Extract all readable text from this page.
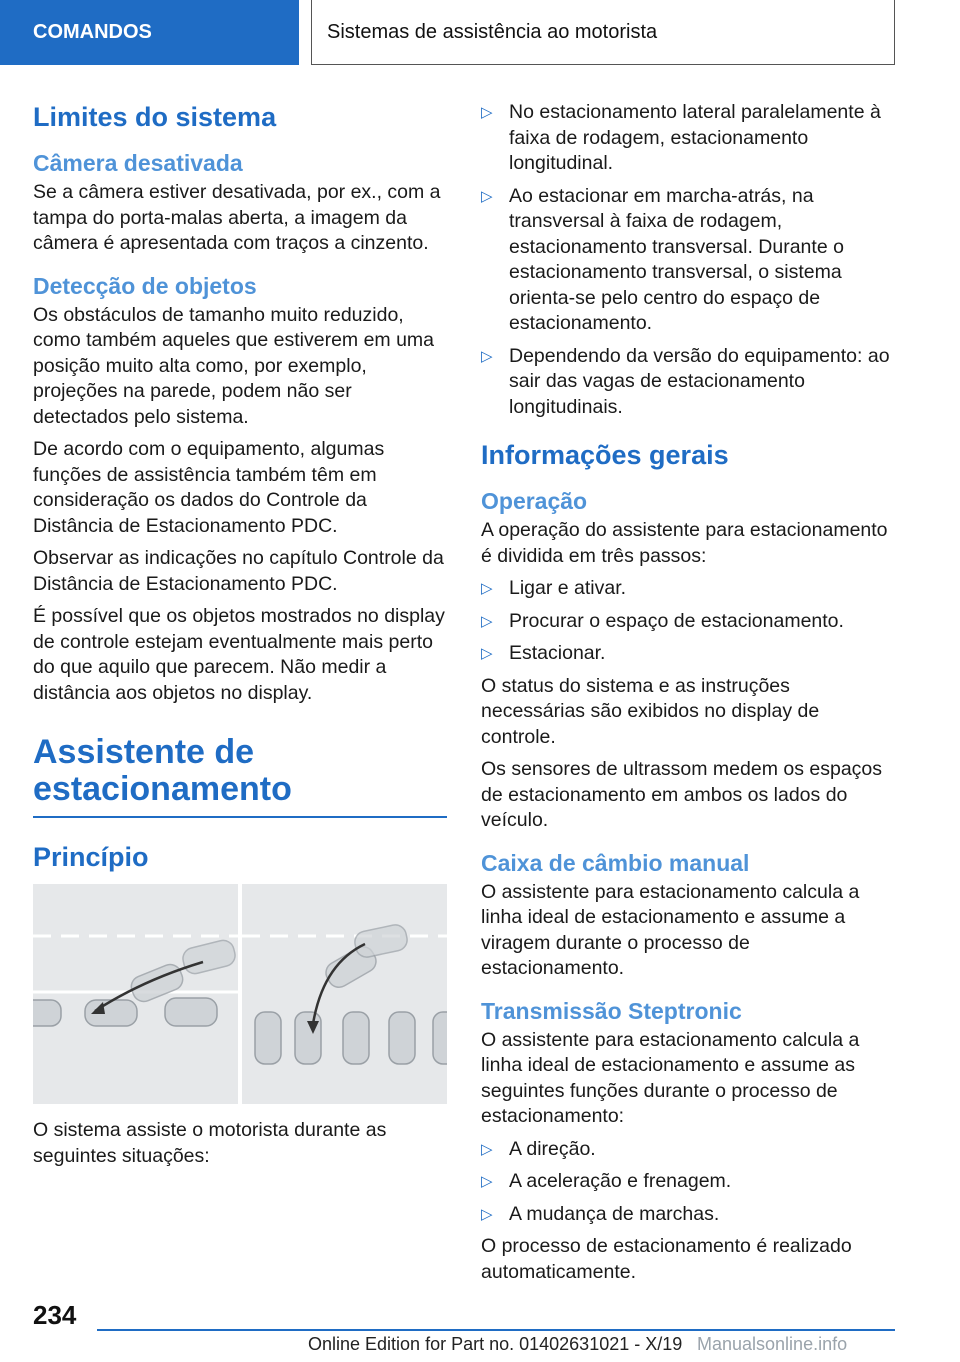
COMANDOS	Sistemas de assistência ao motorista
Limites do sistema
Câmera desativada

Se a câmera estiver desativada, por ex., com a tampa do porta-malas aberta, a imagem da câmera é apresentada com traços a cinzento.

Detecção de objetos

Os obstáculos de tamanho muito reduzido, como também aqueles que estiverem em uma posição muito alta como, por exemplo, projeções na parede, podem não ser detectados pelo sistema.

De acordo com o equipamento, algumas funções de assistência também têm em consideração os dados do Controle da Distância de Estacionamento PDC.

Observar as indicações no capítulo Controle da Distância de Estacionamento PDC.

É possível que os objetos mostrados no display de controle estejam eventualmente mais perto do que aquilo que parecem. Não medir a distância aos objetos no display.

Assistente de estacionamento
Princípio

O sistema assiste o motorista durante as seguintes situações:

▷ No estacionamento lateral paralelamente à faixa de rodagem, estacionamento longitudinal.
▷ Ao estacionar em marcha-atrás, na transversal à faixa de rodagem, estacionamento transversal. Durante o estacionamento transversal, o sistema orienta-se pelo centro do espaço de estacionamento.
▷ Dependendo da versão do equipamento: ao sair das vagas de estacionamento longitudinais.
Informações gerais
Operação

A operação do assistente para estacionamento é dividida em três passos:

▷ Ligar e ativar.
▷ Procurar o espaço de estacionamento.
▷ Estacionar.

O status do sistema e as instruções necessárias são exibidos no display de controle.

Os sensores de ultrassom medem os espaços de estacionamento em ambos os lados do veículo.

Caixa de câmbio manual

O assistente para estacionamento calcula a linha ideal de estacionamento e assume a viragem durante o processo de estacionamento.

Transmissão Steptronic

O assistente para estacionamento calcula a linha ideal de estacionamento e assume as seguintes funções durante o processo de estacionamento:

▷ A direção.
▷ A aceleração e frenagem.
▷ A mudança de marchas.

O processo de estacionamento é realizado automaticamente.

234
Online Edition for Part no. 01402631021 - X/19 Manualsonline.info
